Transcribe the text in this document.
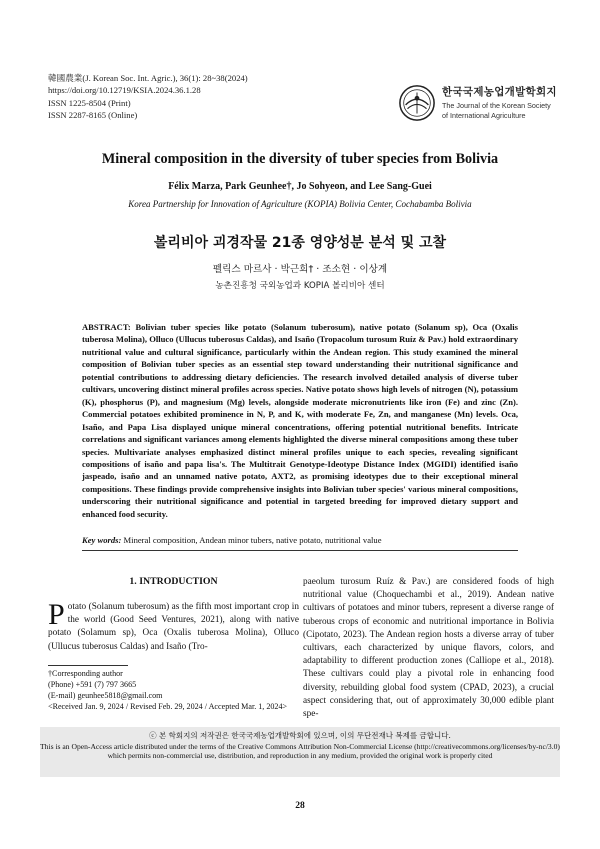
韓國農業(J. Korean Soc. Int. Agric.), 36(1): 28~38(2024)
https://doi.org/10.12719/KSIA.2024.36.1.28
ISSN 1225-8504 (Print)
ISSN 2287-8165 (Online)
한국국제농업개발학회지
The Journal of the Korean Society
of International Agriculture
Mineral composition in the diversity of tuber species from Bolivia
Félix Marza, Park Geunhee†, Jo Sohyeon, and Lee Sang-Guei
Korea Partnership for Innovation of Agriculture (KOPIA) Bolivia Center, Cochabamba Bolivia
볼리비아 괴경작물 21종 영양성분 분석 및 고찰
펠릭스 마르사 · 박근희† · 조소현 · 이상계
농촌진흥청 국외농업과 KOPIA 볼리비아 센터
ABSTRACT: Bolivian tuber species like potato (Solanum tuberosum), native potato (Solanum sp), Oca (Oxalis tuberosa Molina), Olluco (Ullucus tuberosus Caldas), and Isaño (Tropacolum turosum Ruíz & Pav.) hold extraordinary nutritional value and cultural significance, particularly within the Andean region. This study examined the mineral composition of Bolivian tuber species as an essential step toward understanding their nutritional significance and potential contributions to addressing dietary deficiencies. The research involved detailed analysis of diverse tuber cultivars, uncovering distinct mineral profiles across species. Native potato shows high levels of nitrogen (N), potassium (K), phosphorus (P), and magnesium (Mg) levels, alongside moderate micronutrients like iron (Fe) and zinc (Zn). Commercial potatoes exhibited prominence in N, P, and K, with moderate Fe, Zn, and manganese (Mn) levels. Oca, Isaño, and Papa Lisa displayed unique mineral concentrations, offering potential nutritional benefits. Intricate correlations and significant variances among elements highlighted the diverse mineral compositions among these tuber species. Multivariate analyses emphasized distinct mineral profiles unique to each species, revealing significant compositions of isaño and papa lisa's. The Multitrait Genotype-Ideotype Distance Index (MGIDI) identified isaño jaspeado, isaño and an unnamed native potato, AXT2, as promising ideotypes due to their exceptional mineral compositions. These findings provide comprehensive insights into Bolivian tuber species' various mineral compositions, underscoring their nutritional significance and potential in targeted breeding for improved dietary support and enhanced food security.
Key words: Mineral composition, Andean minor tubers, native potato, nutritional value
1. INTRODUCTION
Potato (Solanum tuberosum) as the fifth most important crop in the world (Good Seed Ventures, 2021), along with native potato (Solamum sp), Oca (Oxalis tuberosa Molina), Olluco (Ullucus tuberosus Caldas) and Isaño (Tro-
paeolum turosum Ruíz & Pav.) are considered foods of high nutritional value (Choquechambi et al., 2019). Andean native cultivars of potatoes and minor tubers, represent a diverse range of tuberous crops of economic and nutritional importance in Bolivia (Cipotato, 2023). The Andean region hosts a diverse array of tuber cultivars, each characterized by unique flavors, colors, and adaptability to different production zones (Calliope et al., 2018). These cultivars could play a pivotal role in enhancing food diversity, rebuilding global food system (CPAD, 2023), a crucial aspect considering that, out of approximately 30,000 edible plant spe-
†Corresponding author
(Phone) +591 (7) 797 3665
(E-mail) geunhee5818@gmail.com
<Received Jan. 9, 2024 / Revised Feb. 29, 2024 / Accepted Mar. 1, 2024>
ⓒ 본 학회지의 저작권은 한국국제농업개발학회에 있으며, 이의 무단전재나 복제를 금합니다.
This is an Open-Access article distributed under the terms of the Creative Commons Attribution Non-Commercial License (http://creativecommons.org/licenses/by-nc/3.0) which permits non-commercial use, distribution, and reproduction in any medium, provided the original work is properly cited
28
